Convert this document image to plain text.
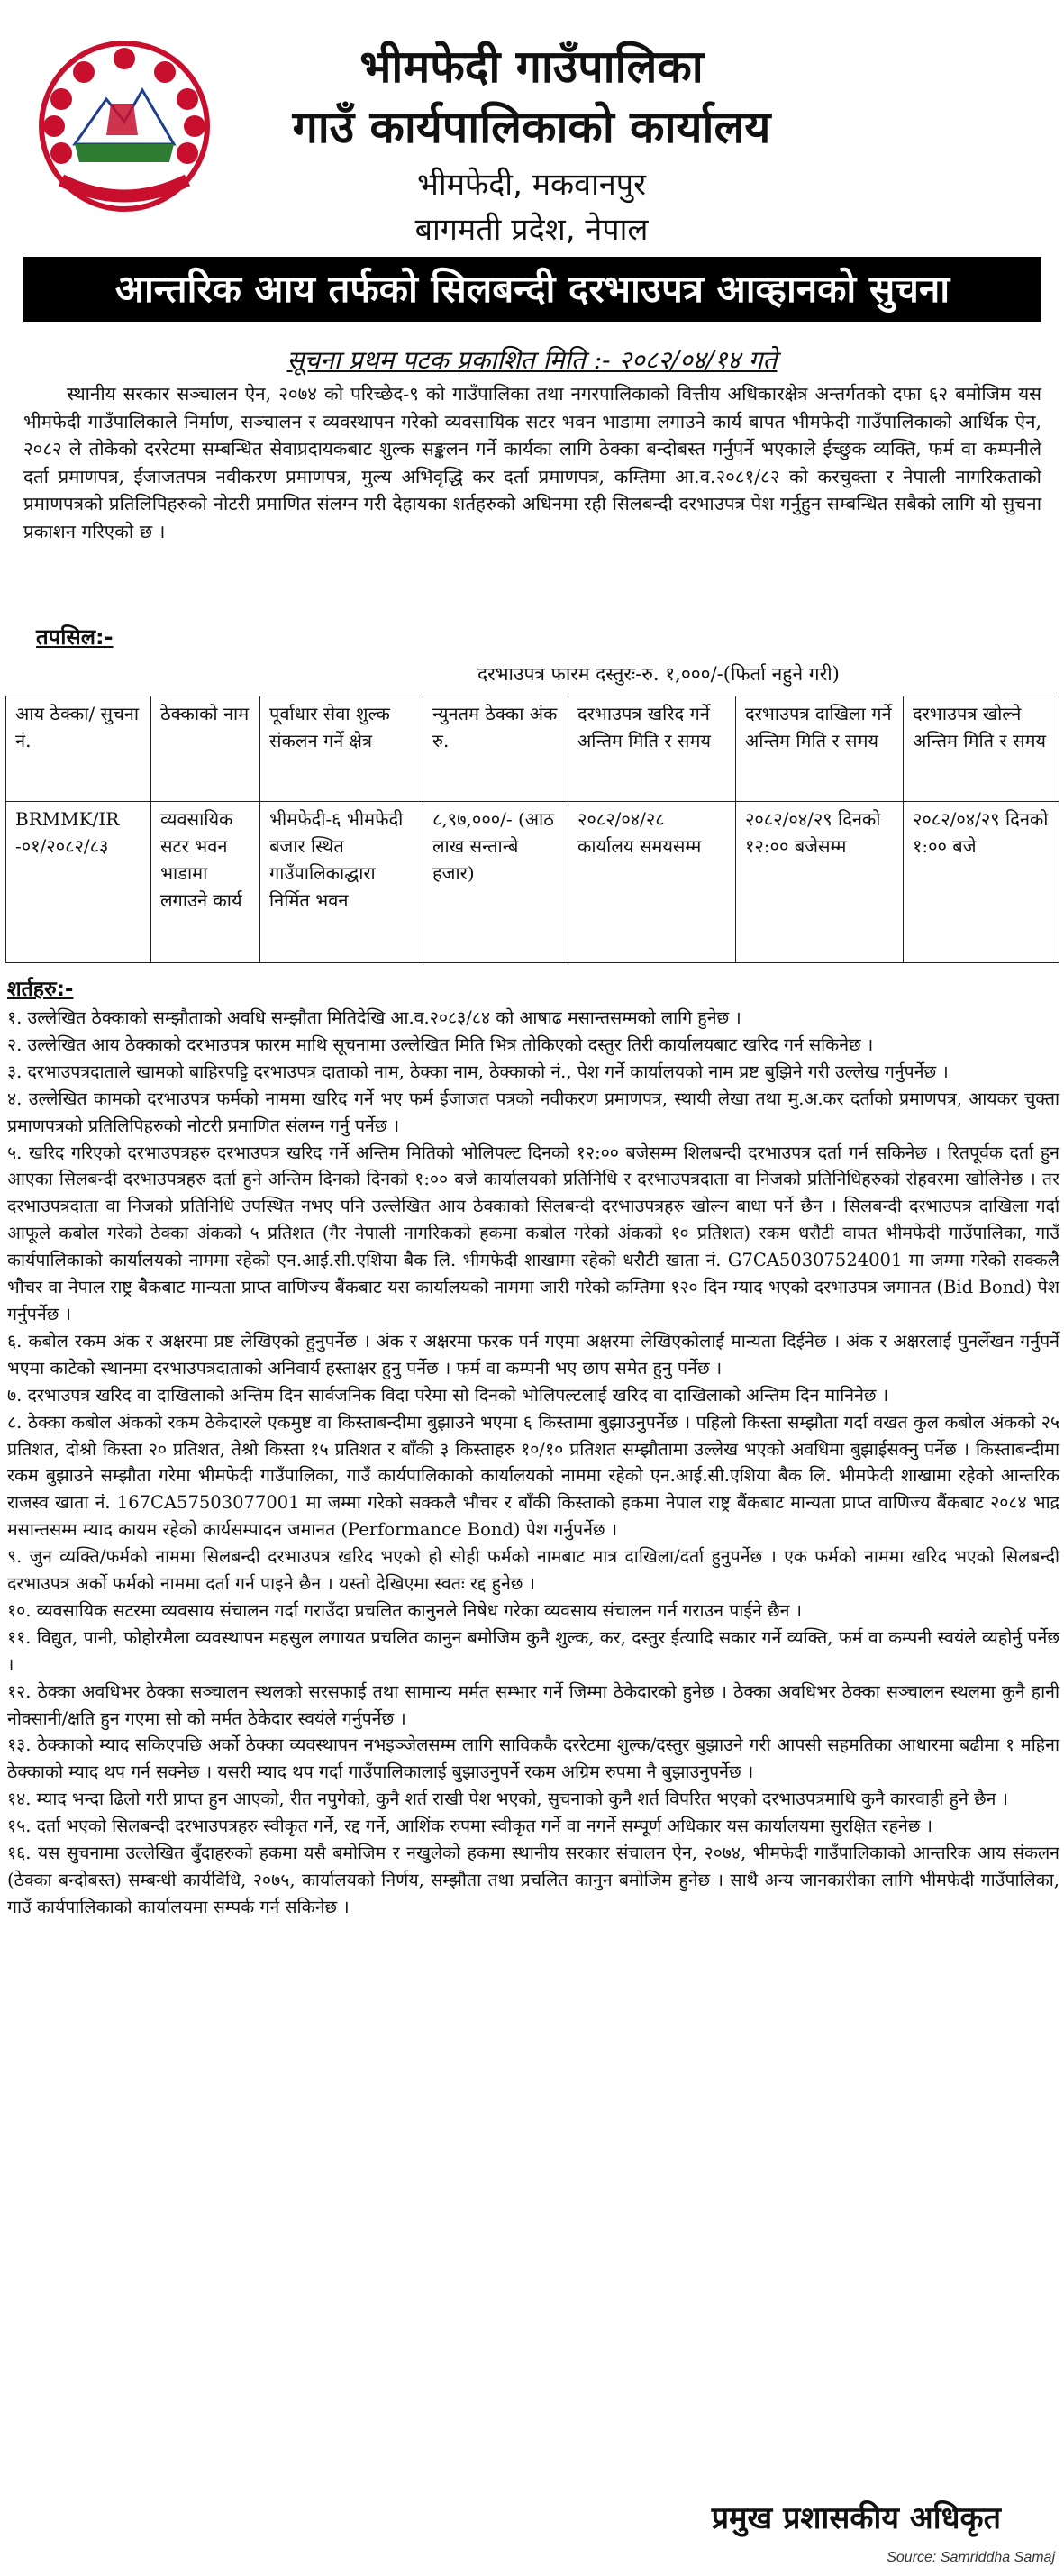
भीमफेदी गाउँपालिका
गाउँ कार्यपालिकाको कार्यालय
भीमफेदी, मकवानपुर
बागमती प्रदेश, नेपाल
आन्तरिक आय तर्फको सिलबन्दी दरभाउपत्र आव्हानको सुचना
सूचना प्रथम पटक प्रकाशित मिति :- २०८२/०४/१४ गते
स्थानीय सरकार सञ्चालन ऐन, २०७४ को परिच्छेद-९ को गाउँपालिका तथा नगरपालिकाको वित्तीय अधिकारक्षेत्र अन्तर्गतको दफा ६२ बमोजिम यस भीमफेदी गाउँपालिकाले निर्माण, सञ्चालन र व्यवस्थापन गरेको व्यवसायिक सटर भवन भाडामा लगाउने कार्य बापत भीमफेदी गाउँपालिकाको आर्थिक ऐन, २०८२ ले तोकेको दररेटमा सम्बन्धित सेवाप्रदायकबाट शुल्क सङ्कलन गर्ने कार्यका लागि ठेक्का बन्दोबस्त गर्नुपर्ने भएकाले ईच्छुक व्यक्ति, फर्म वा कम्पनीले दर्ता प्रमाणपत्र, ईजाजतपत्र नवीकरण प्रमाणपत्र, मुल्य अभिवृद्धि कर दर्ता प्रमाणपत्र, कम्तिमा आ.व.२०८१/८२ को करचुक्ता र नेपाली नागरिकताको प्रमाणपत्रको प्रतिलिपिहरुको नोटरी प्रमाणित संलग्न गरी देहायका शर्तहरुको अधिनमा रही सिलबन्दी दरभाउपत्र पेश गर्नुहुन सम्बन्धित सबैको लागि यो सुचना प्रकाशन गरिएको छ ।
तपसिल:-
दरभाउपत्र फारम दस्तुरः-रु. १,०००/-(फिर्ता नहुने गरी)
आय ठेक्का/ सुचना नं.	ठेक्काको नाम	पूर्वाधार सेवा शुल्क संकलन गर्ने क्षेत्र	न्युनतम ठेक्का अंक रु.	दरभाउपत्र खरिद गर्ने अन्तिम मिति र समय	दरभाउपत्र दाखिला गर्ने अन्तिम मिति र समय	दरभाउपत्र खोल्ने अन्तिम मिति र समय
BRMMK/IR -०१/२०८२/८३	व्यवसायिक सटर भवन भाडामा लगाउने कार्य	भीमफेदी-६ भीमफेदी बजार स्थित गाउँपालिकाद्धारा निर्मित भवन	८,९७,०००/- (आठ लाख सन्तान्बे हजार)	२०८२/०४/२८ कार्यालय समयसम्म	२०८२/०४/२९ दिनको १२:०० बजेसम्म	२०८२/०४/२९ दिनको १:०० बजे
शर्तहरु:-

१. उल्लेखित ठेक्काको सम्झौताको अवधि सम्झौता मितिदेखि आ.व.२०८३/८४ को आषाढ मसान्तसम्मको लागि हुनेछ ।

२. उल्लेखित आय ठेक्काको दरभाउपत्र फारम माथि सूचनामा उल्लेखित मिति भित्र तोकिएको दस्तुर तिरी कार्यालयबाट खरिद गर्न सकिनेछ ।

३. दरभाउपत्रदाताले खामको बाहिरपट्टि दरभाउपत्र दाताको नाम, ठेक्का नाम, ठेक्काको नं., पेश गर्ने कार्यालयको नाम प्रष्ट बुझिने गरी उल्लेख गर्नुपर्नेछ ।

४. उल्लेखित कामको दरभाउपत्र फर्मको नाममा खरिद गर्ने भए फर्म ईजाजत पत्रको नवीकरण प्रमाणपत्र, स्थायी लेखा तथा मु.अ.कर दर्ताको प्रमाणपत्र, आयकर चुक्ता प्रमाणपत्रको प्रतिलिपिहरुको नोटरी प्रमाणित संलग्न गर्नु पर्नेछ ।

५. खरिद गरिएको दरभाउपत्रहरु दरभाउपत्र खरिद गर्ने अन्तिम मितिको भोलिपल्ट दिनको १२:०० बजेसम्म शिलबन्दी दरभाउपत्र दर्ता गर्न सकिनेछ । रितपूर्वक दर्ता हुन आएका सिलबन्दी दरभाउपत्रहरु दर्ता हुने अन्तिम दिनको दिनको १:०० बजे कार्यालयको प्रतिनिधि र दरभाउपत्रदाता वा निजको प्रतिनिधिहरुको रोहवरमा खोलिनेछ । तर दरभाउपत्रदाता वा निजको प्रतिनिधि उपस्थित नभए पनि उल्लेखित आय ठेक्काको सिलबन्दी दरभाउपत्रहरु खोल्न बाधा पर्ने छैन । सिलबन्दी दरभाउपत्र दाखिला गर्दा आफूले कबोल गरेको ठेक्का अंकको ५ प्रतिशत (गैर नेपाली नागरिकको हकमा कबोल गरेको अंकको १० प्रतिशत) रकम धरौटी वापत भीमफेदी गाउँपालिका, गाउँ कार्यपालिकाको कार्यालयको नाममा रहेको एन.आई.सी.एशिया बैक लि. भीमफेदी शाखामा रहेको धरौटी खाता नं. G7CA50307524001 मा जम्मा गरेको सक्कलै भौचर वा नेपाल राष्ट्र बैकबाट मान्यता प्राप्त वाणिज्य बैंकबाट यस कार्यालयको नाममा जारी गरेको कम्तिमा १२० दिन म्याद भएको दरभाउपत्र जमानत (Bid Bond) पेश गर्नुपर्नेछ ।

६. कबोल रकम अंक र अक्षरमा प्रष्ट लेखिएको हुनुपर्नेछ । अंक र अक्षरमा फरक पर्न गएमा अक्षरमा लेखिएकोलाई मान्यता दिईनेछ । अंक र अक्षरलाई पुनर्लेखन गर्नुपर्ने भएमा काटेको स्थानमा दरभाउपत्रदाताको अनिवार्य हस्ताक्षर हुनु पर्नेछ । फर्म वा कम्पनी भए छाप समेत हुनु पर्नेछ ।

७. दरभाउपत्र खरिद वा दाखिलाको अन्तिम दिन सार्वजनिक विदा परेमा सो दिनको भोलिपल्टलाई खरिद वा दाखिलाको अन्तिम दिन मानिनेछ ।

८. ठेक्का कबोल अंकको रकम ठेकेदारले एकमुष्ट वा किस्ताबन्दीमा बुझाउने भएमा ६ किस्तामा बुझाउनुपर्नेछ । पहिलो किस्ता सम्झौता गर्दा वखत कुल कबोल अंकको २५ प्रतिशत, दोश्रो किस्ता २० प्रतिशत, तेश्रो किस्ता १५ प्रतिशत र बाँकी ३ किस्ताहरु १०/१० प्रतिशत सम्झौतामा उल्लेख भएको अवधिमा बुझाईसक्नु पर्नेछ । किस्ताबन्दीमा रकम बुझाउने सम्झौता गरेमा भीमफेदी गाउँपालिका, गाउँ कार्यपालिकाको कार्यालयको नाममा रहेको एन.आई.सी.एशिया बैक लि. भीमफेदी शाखामा रहेको आन्तरिक राजस्व खाता नं. 167CA57503077001 मा जम्मा गरेको सक्कलै भौचर र बाँकी किस्ताको हकमा नेपाल राष्ट्र बैंकबाट मान्यता प्राप्त वाणिज्य बैंकबाट २०८४ भाद्र मसान्तसम्म म्याद कायम रहेको कार्यसम्पादन जमानत (Performance Bond) पेश गर्नुपर्नेछ ।

९. जुन व्यक्ति/फर्मको नाममा सिलबन्दी दरभाउपत्र खरिद भएको हो सोही फर्मको नामबाट मात्र दाखिला/दर्ता हुनुपर्नेछ । एक फर्मको नाममा खरिद भएको सिलबन्दी दरभाउपत्र अर्को फर्मको नाममा दर्ता गर्न पाइने छैन । यस्तो देखिएमा स्वतः रद्द हुनेछ ।

१०. व्यवसायिक सटरमा व्यवसाय संचालन गर्दा गराउँदा प्रचलित कानुनले निषेध गरेका व्यवसाय संचालन गर्न गराउन पाईने छैन ।

११. विद्युत, पानी, फोहोरमैला व्यवस्थापन महसुल लगायत प्रचलित कानुन बमोजिम कुनै शुल्क, कर, दस्तुर ईत्यादि सकार गर्ने व्यक्ति, फर्म वा कम्पनी स्वयंले व्यहोर्नु पर्नेछ ।

१२. ठेक्का अवधिभर ठेक्का सञ्चालन स्थलको सरसफाई तथा सामान्य मर्मत सम्भार गर्ने जिम्मा ठेकेदारको हुनेछ । ठेक्का अवधिभर ठेक्का सञ्चालन स्थलमा कुनै हानी नोक्सानी/क्षति हुन गएमा सो को मर्मत ठेकेदार स्वयंले गर्नुपर्नेछ ।

१३. ठेक्काको म्याद सकिएपछि अर्को ठेक्का व्यवस्थापन नभइञ्जेलसम्म लागि साविककै दररेटमा शुल्क/दस्तुर बुझाउने गरी आपसी सहमतिका आधारमा बढीमा १ महिना ठेक्काको म्याद थप गर्न सक्नेछ । यसरी म्याद थप गर्दा गाउँपालिकालाई बुझाउनुपर्ने रकम अग्रिम रुपमा नै बुझाउनुपर्नेछ ।

१४. म्याद भन्दा ढिलो गरी प्राप्त हुन आएको, रीत नपुगेको, कुनै शर्त राखी पेश भएको, सुचनाको कुनै शर्त विपरित भएको दरभाउपत्रमाथि कुनै कारवाही हुने छैन ।

१५. दर्ता भएको सिलबन्दी दरभाउपत्रहरु स्वीकृत गर्ने, रद्द गर्ने, आशिंक रुपमा स्वीकृत गर्ने वा नगर्ने सम्पूर्ण अधिकार यस कार्यालयमा सुरक्षित रहनेछ ।

१६. यस सुचनामा उल्लेखित बुँदाहरुको हकमा यसै बमोजिम र नखुलेको हकमा स्थानीय सरकार संचालन ऐन, २०७४, भीमफेदी गाउँपालिकाको आन्तरिक आय संकलन (ठेक्का बन्दोबस्त) सम्बन्धी कार्यविधि, २०७५, कार्यालयको निर्णय, सम्झौता तथा प्रचलित कानुन बमोजिम हुनेछ । साथै अन्य जानकारीका लागि भीमफेदी गाउँपालिका, गाउँ कार्यपालिकाको कार्यालयमा सम्पर्क गर्न सकिनेछ ।

प्रमुख प्रशासकीय अधिकृत
Source: Samriddha Samaj
